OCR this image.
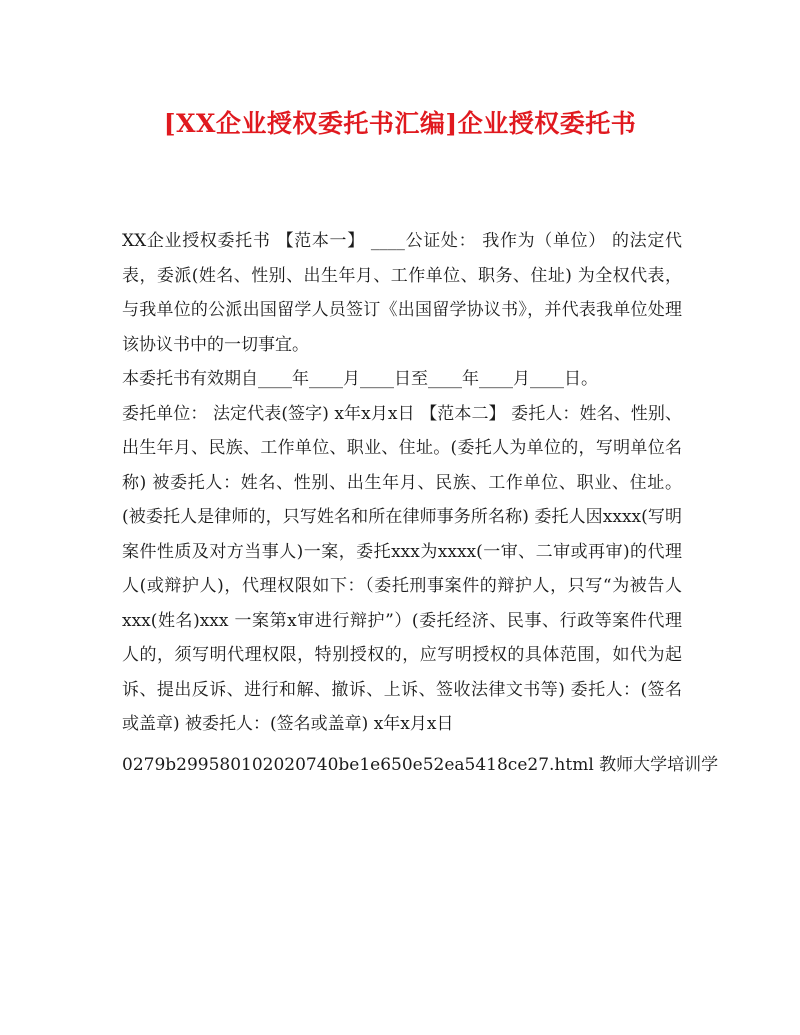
[XX企业授权委托书汇编]企业授权委托书

XX企业授权委托书 【范本一】 ____公证处： 我作为（单位） 的法定代表，委派(姓名、性别、出生年月、工作单位、职务、住址) 为全权代表，与我单位的公派出国留学人员签订《出国留学协议书》，并代表我单位处理该协议书中的一切事宜。

本委托书有效期自____年____月____日至____年____月____日。

委托单位： 法定代表(签字) x年x月x日 【范本二】 委托人：姓名、性别、出生年月、民族、工作单位、职业、住址。(委托人为单位的，写明单位名称) 被委托人：姓名、性别、出生年月、民族、工作单位、职业、住址。(被委托人是律师的，只写姓名和所在律师事务所名称) 委托人因xxxx(写明案件性质及对方当事人)一案，委托xxx为xxxx(一审、二审或再审)的代理人(或辩护人)，代理权限如下：（委托刑事案件的辩护人，只写“为被告人xxx(姓名)xxx 一案第x审进行辩护”）(委托经济、民事、行政等案件代理人的，须写明代理权限，特别授权的，应写明授权的具体范围，如代为起诉、提出反诉、进行和解、撤诉、上诉、签收法律文书等) 委托人：(签名或盖章) 被委托人：(签名或盖章) x年x月x日

0279b299580102020740be1e650e52ea5418ce27.html 教师大学培训学
